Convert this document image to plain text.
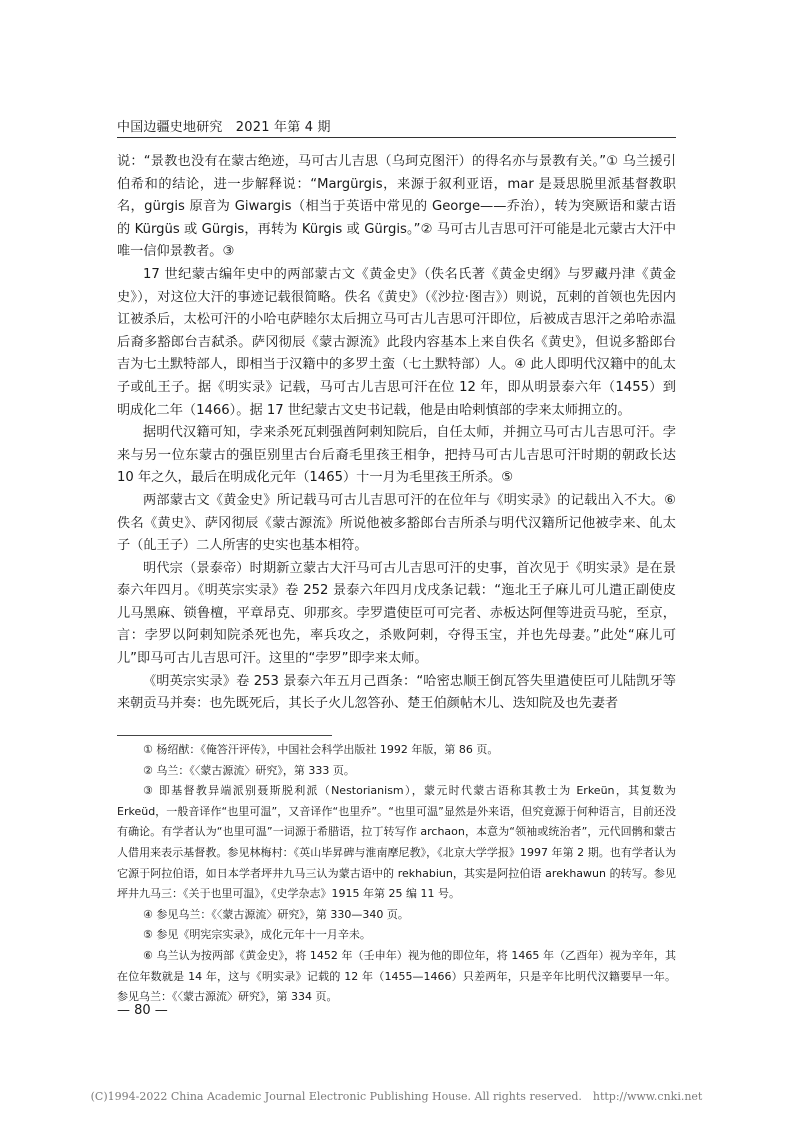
中国边疆史地研究　2021 年第 4 期

说：“景教也没有在蒙古绝迹，马可古儿吉思（乌珂克图汗）的得名亦与景教有关。”① 乌兰援引伯希和的结论，进一步解释说：“Margürgis，来源于叙利亚语，mar 是聂思脱里派基督教职名，gürgis 原音为 Giwargis（相当于英语中常见的 George——乔治），转为突厥语和蒙古语的 Kürgüs 或 Gürgis，再转为 Kürgis 或 Gürgis。”② 马可古儿吉思可汗可能是北元蒙古大汗中唯一信仰景教者。③

17 世纪蒙古编年史中的两部蒙古文《黄金史》（佚名氏著《黄金史纲》与罗藏丹津《黄金史》），对这位大汗的事迹记载很简略。佚名《黄史》（《沙拉·图吉》）则说，瓦剌的首领也先因内讧被杀后，太松可汗的小哈屯萨睦尔太后拥立马可古儿吉思可汗即位，后被成吉思汗之弟哈赤温后裔多豁郎台吉弑杀。萨冈彻辰《蒙古源流》此段内容基本上来自佚名《黄史》，但说多豁郎台吉为七土默特部人，即相当于汉籍中的多罗土蛮（七土默特部）人。④ 此人即明代汉籍中的癿太子或癿王子。据《明实录》记载，马可古儿吉思可汗在位 12 年，即从明景泰六年（1455）到明成化二年（1466）。据 17 世纪蒙古文史书记载，他是由哈剌慎部的孛来太师拥立的。

据明代汉籍可知，孛来杀死瓦剌强酋阿剌知院后，自任太师，并拥立马可古儿吉思可汗。孛来与另一位东蒙古的强臣别里古台后裔毛里孩王相争，把持马可古儿吉思可汗时期的朝政长达 10 年之久，最后在明成化元年（1465）十一月为毛里孩王所杀。⑤

两部蒙古文《黄金史》所记载马可古儿吉思可汗的在位年与《明实录》的记载出入不大。⑥ 佚名《黄史》、萨冈彻辰《蒙古源流》所说他被多豁郎台吉所杀与明代汉籍所记他被孛来、癿太子（癿王子）二人所害的史实也基本相符。

明代宗（景泰帝）时期新立蒙古大汗马可古儿吉思可汗的史事，首次见于《明实录》是在景泰六年四月。《明英宗实录》卷 252 景泰六年四月戊戌条记载：“迤北王子麻儿可儿遣正副使皮儿马黑麻、锁鲁檀，平章昂克、卯那亥。孛罗遣使臣可可完者、赤板达阿俚等进贡马驼，至京，言：孛罗以阿剌知院杀死也先，率兵攻之，杀败阿剌，夺得玉宝，并也先母妻。”此处“麻儿可儿”即马可古儿吉思可汗。这里的“孛罗”即孛来太师。

《明英宗实录》卷 253 景泰六年五月己酉条：“哈密忠顺王倒瓦答失里遣使臣可儿陆凯牙等来朝贡马并奏：也先既死后，其长子火儿忽答孙、楚王伯颜帖木儿、迭知院及也先妻者

① 杨绍猷：《俺答汗评传》，中国社会科学出版社 1992 年版，第 86 页。

② 乌兰：《〈蒙古源流〉研究》，第 333 页。

③ 即基督教异端派别聂斯脱利派（Nestorianism），蒙元时代蒙古语称其教士为 Erkeün，其复数为 Erkeüd，一般音译作“也里可温”，又音译作“也里乔”。“也里可温”显然是外来语，但究竟源于何种语言，目前还没有确论。有学者认为“也里可温”一词源于希腊语，拉丁转写作 archaon，本意为“领袖或统治者”，元代回鹘和蒙古人借用来表示基督教。参见林梅村：《英山毕昇碑与淮南摩尼教》，《北京大学学报》1997 年第 2 期。也有学者认为它源于阿拉伯语，如日本学者坪井九马三认为蒙古语中的 rekhabiun，其实是阿拉伯语 arekhawun 的转写。参见坪井九马三：《关于也里可温》，《史学杂志》1915 年第 25 编 11 号。

④ 参见乌兰：《〈蒙古源流〉研究》，第 330—340 页。

⑤ 参见《明宪宗实录》，成化元年十一月辛未。

⑥ 乌兰认为按两部《黄金史》，将 1452 年（壬申年）视为他的即位年，将 1465 年（乙酉年）视为辛年，其在位年数就是 14 年，这与《明实录》记载的 12 年（1455—1466）只差两年，只是辛年比明代汉籍要早一年。参见乌兰：《〈蒙古源流〉研究》，第 334 页。

— 80 —
(C)1994-2022 China Academic Journal Electronic Publishing House. All rights reserved.　http://www.cnki.net
